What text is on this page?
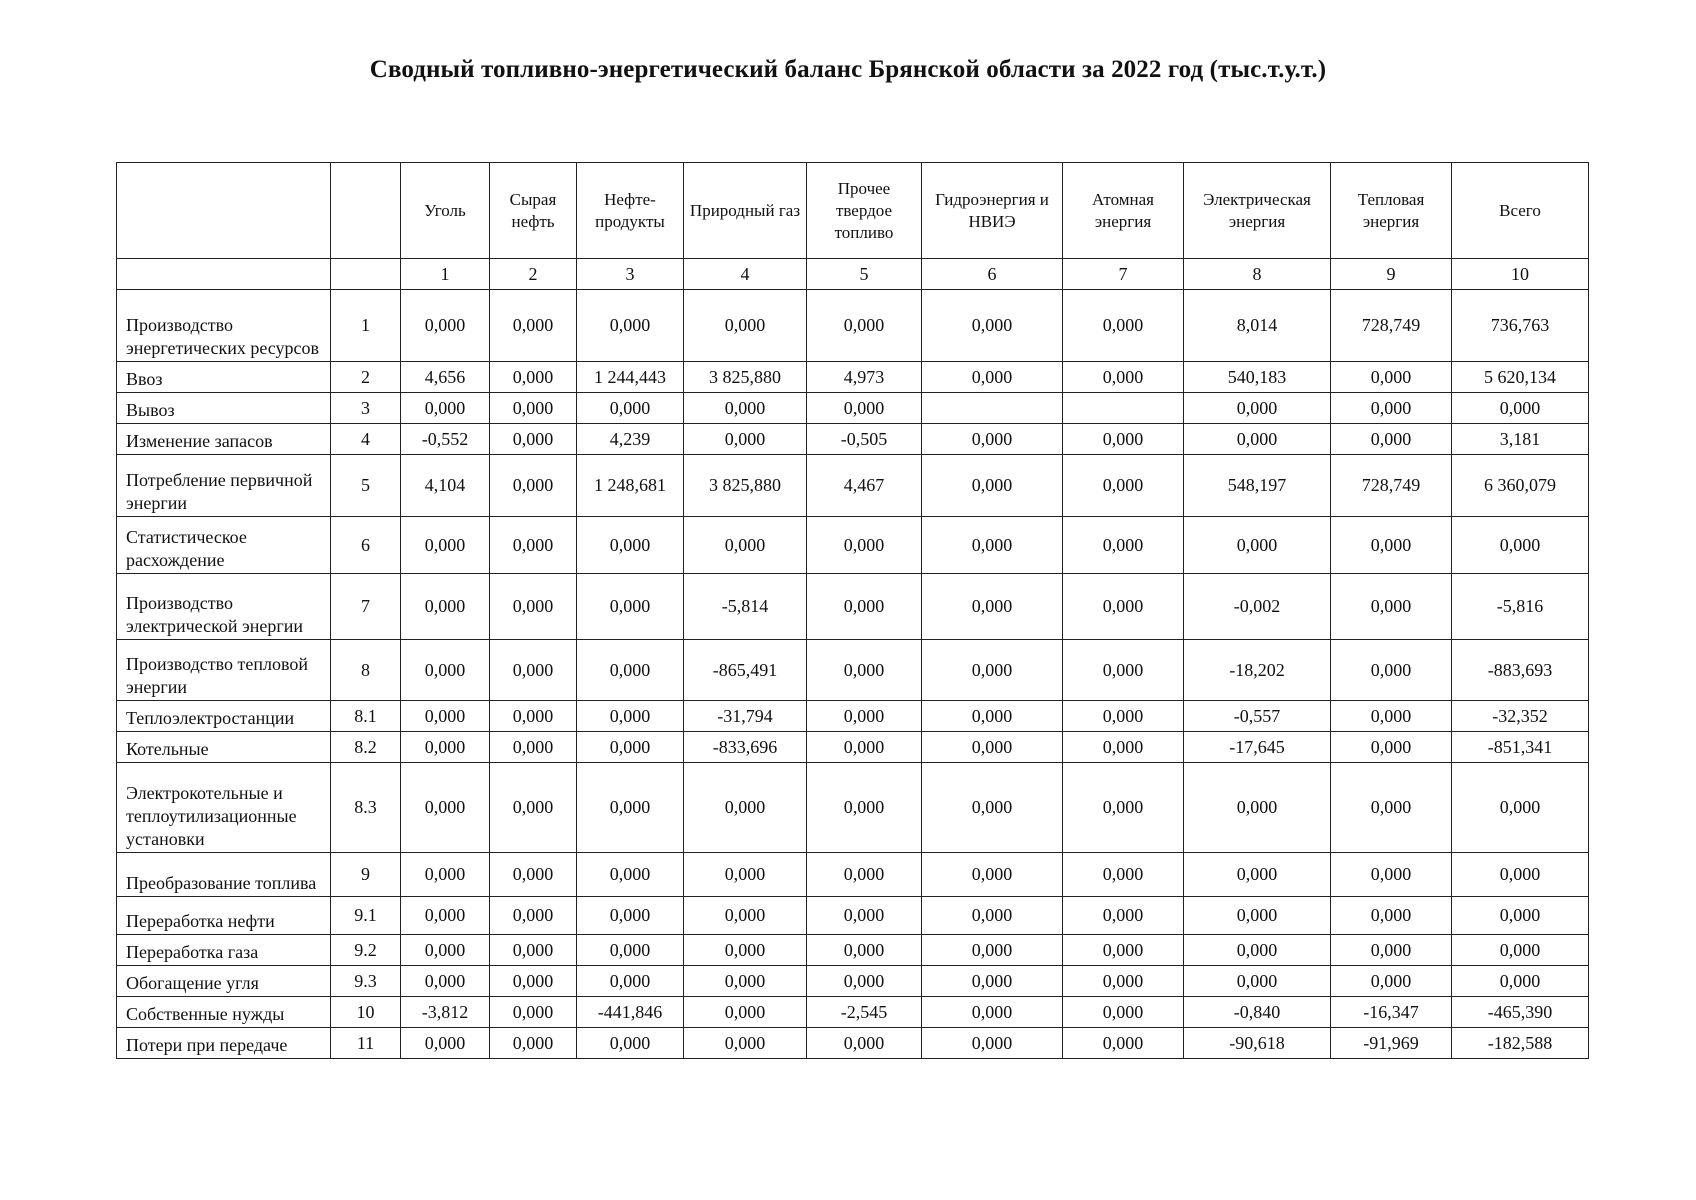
Сводный топливно-энергетический баланс Брянской области за 2022 год (тыс.т.у.т.)
		Уголь	Сырая нефть	Нефте- продукты	Природный газ	Прочее твердое топливо	Гидроэнергия и НВИЭ	Атомная энергия	Электрическая энергия	Тепловая энергия	Всего
		1	2	3	4	5	6	7	8	9	10
Производство энергетических ресурсов	1	0,000	0,000	0,000	0,000	0,000	0,000	0,000	8,014	728,749	736,763
Ввоз	2	4,656	0,000	1 244,443	3 825,880	4,973	0,000	0,000	540,183	0,000	5 620,134
Вывоз	3	0,000	0,000	0,000	0,000	0,000			0,000	0,000	0,000
Изменение запасов	4	-0,552	0,000	4,239	0,000	-0,505	0,000	0,000	0,000	0,000	3,181
Потребление первичной энергии	5	4,104	0,000	1 248,681	3 825,880	4,467	0,000	0,000	548,197	728,749	6 360,079
Статистическое расхождение	6	0,000	0,000	0,000	0,000	0,000	0,000	0,000	0,000	0,000	0,000
Производство электрической энергии	7	0,000	0,000	0,000	-5,814	0,000	0,000	0,000	-0,002	0,000	-5,816
Производство тепловой энергии	8	0,000	0,000	0,000	-865,491	0,000	0,000	0,000	-18,202	0,000	-883,693
Теплоэлектростанции	8.1	0,000	0,000	0,000	-31,794	0,000	0,000	0,000	-0,557	0,000	-32,352
Котельные	8.2	0,000	0,000	0,000	-833,696	0,000	0,000	0,000	-17,645	0,000	-851,341
Электрокотельные и теплоутилизационные установки	8.3	0,000	0,000	0,000	0,000	0,000	0,000	0,000	0,000	0,000	0,000
Преобразование топлива	9	0,000	0,000	0,000	0,000	0,000	0,000	0,000	0,000	0,000	0,000
Переработка нефти	9.1	0,000	0,000	0,000	0,000	0,000	0,000	0,000	0,000	0,000	0,000
Переработка газа	9.2	0,000	0,000	0,000	0,000	0,000	0,000	0,000	0,000	0,000	0,000
Обогащение угля	9.3	0,000	0,000	0,000	0,000	0,000	0,000	0,000	0,000	0,000	0,000
Собственные нужды	10	-3,812	0,000	-441,846	0,000	-2,545	0,000	0,000	-0,840	-16,347	-465,390
Потери при передаче	11	0,000	0,000	0,000	0,000	0,000	0,000	0,000	-90,618	-91,969	-182,588
